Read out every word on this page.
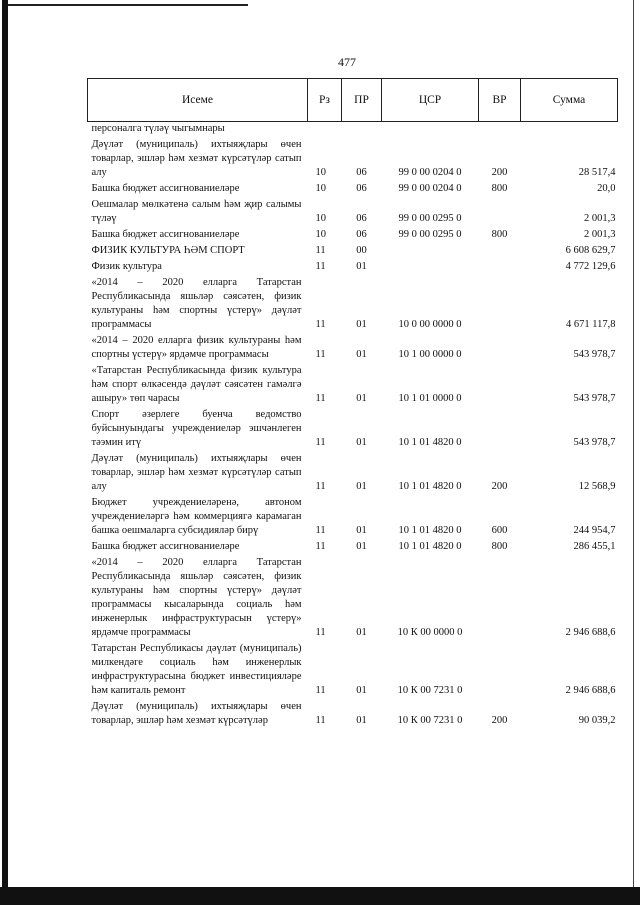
477
Исеме	Рз	ПР	ЦСР	ВР	Сумма
персоналга түләү чыгымнары					
Дәүләт (муниципаль) ихтыяҗлары өчен товарлар, эшләр һәм хезмәт күрсәтүләр сатып алу	10	06	99 0 00 0204 0	200	28 517,4
Башка бюджет ассигнованиеләре	10	06	99 0 00 0204 0	800	20,0
Оешмалар мөлкәтенә салым һәм җир салымы түләү	10	06	99 0 00 0295 0		2 001,3
Башка бюджет ассигнованиеләре	10	06	99 0 00 0295 0	800	2 001,3
ФИЗИК КУЛЬТУРА ҺӘМ СПОРТ	11	00			6 608 629,7
Физик культура	11	01			4 772 129,6
«2014 – 2020 елларга Татарстан Республикасында яшьләр сәясәтен, физик культураны һәм спортны үстерү» дәүләт программасы	11	01	10 0 00 0000 0		4 671 117,8
«2014 – 2020 елларга физик культураны һәм спортны үстерү» ярдәмче программасы	11	01	10 1 00 0000 0		543 978,7
«Татарстан Республикасында физик культура һәм спорт өлкәсендә дәүләт сәясәтен гамәлгә ашыру» төп чарасы	11	01	10 1 01 0000 0		543 978,7
Спорт әзерлеге буенча ведомство буйсынуындагы учреждениеләр эшчәнлеген тәэмин итү	11	01	10 1 01 4820 0		543 978,7
Дәүләт (муниципаль) ихтыяҗлары өчен товарлар, эшләр һәм хезмәт күрсәтүләр сатып алу	11	01	10 1 01 4820 0	200	12 568,9
Бюджет учреждениеләренә, автоном учреждениеләргә һәм коммерциягә карамаган башка оешмаларга субсидияләр бирү	11	01	10 1 01 4820 0	600	244 954,7
Башка бюджет ассигнованиеләре	11	01	10 1 01 4820 0	800	286 455,1
«2014 – 2020 елларга Татарстан Республикасында яшьләр сәясәтен, физик культураны һәм спортны үстерү» дәүләт программасы кысаларында социаль һәм инженерлык инфраструктурасын үстерү» ярдәмче программасы	11	01	10 К 00 0000 0		2 946 688,6
Татарстан Республикасы дәүләт (муниципаль) милкендәге социаль һәм инженерлык инфраструктурасына бюджет инвестицияләре һәм капиталь ремонт	11	01	10 К 00 7231 0		2 946 688,6
Дәүләт (муниципаль) ихтыяҗлары өчен товарлар, эшләр һәм хезмәт күрсәтүләр	11	01	10 К 00 7231 0	200	90 039,2
